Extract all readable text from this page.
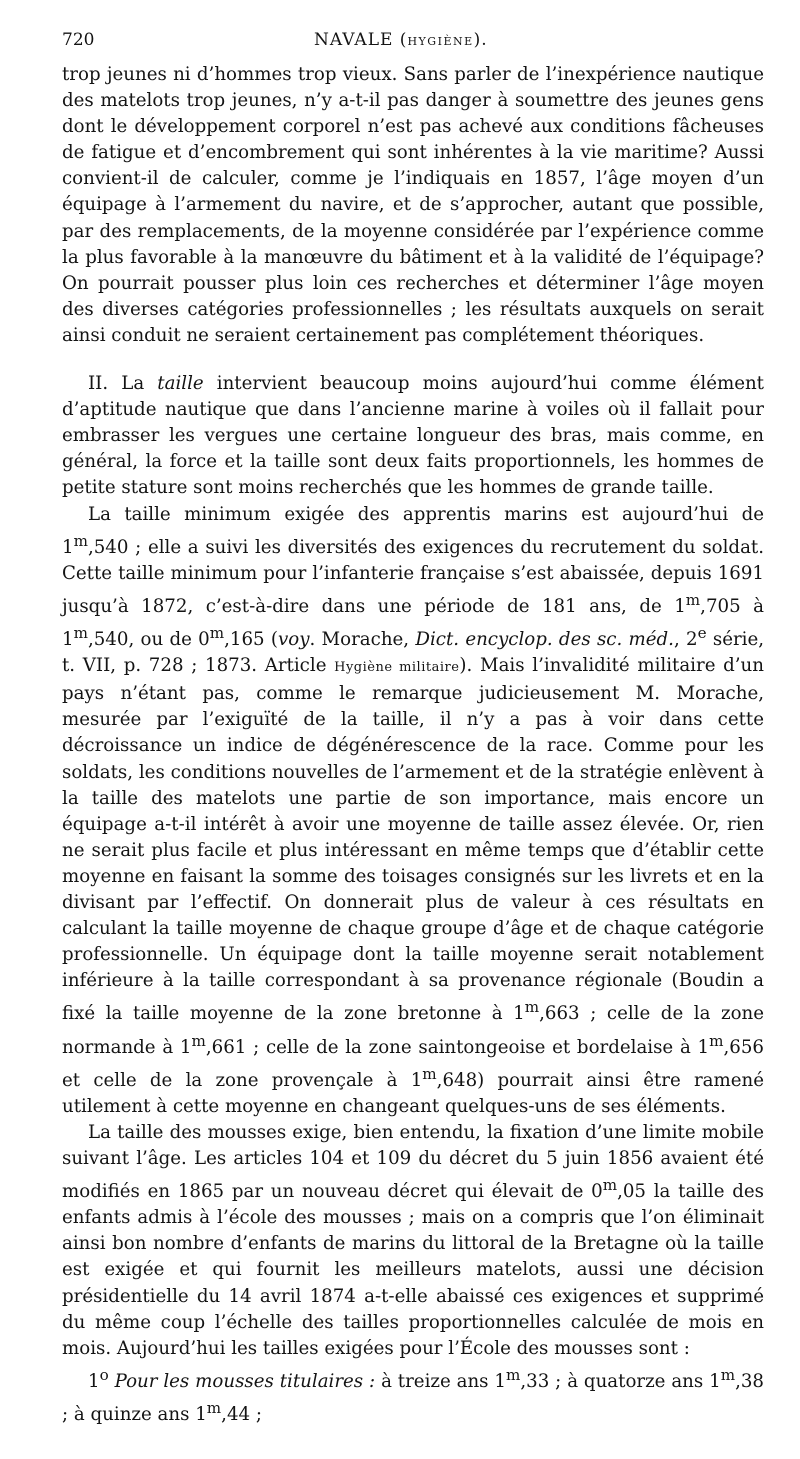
720	NAVALE (HYGIÈNE).

trop jeunes ni d’hommes trop vieux. Sans parler de l’inexpérience nautique des matelots trop jeunes, n’y a-t-il pas danger à soumettre des jeunes gens dont le développement corporel n’est pas achevé aux conditions fâcheuses de fatigue et d’encombrement qui sont inhérentes à la vie maritime? Aussi convient-il de calculer, comme je l’indiquais en 1857, l’âge moyen d’un équipage à l’armement du navire, et de s’approcher, autant que possible, par des remplacements, de la moyenne considérée par l’expérience comme la plus favorable à la manœuvre du bâtiment et à la validité de l’équipage? On pourrait pousser plus loin ces recherches et déterminer l’âge moyen des diverses catégories professionnelles ; les résultats auxquels on serait ainsi conduit ne seraient certainement pas complétement théoriques.

II. La taille intervient beaucoup moins aujourd’hui comme élément d’aptitude nautique que dans l’ancienne marine à voiles où il fallait pour embrasser les vergues une certaine longueur des bras, mais comme, en général, la force et la taille sont deux faits proportionnels, les hommes de petite stature sont moins recherchés que les hommes de grande taille.

La taille minimum exigée des apprentis marins est aujourd’hui de 1$^m$,540 ; elle a suivi les diversités des exigences du recrutement du soldat. Cette taille minimum pour l’infanterie française s’est abaissée, depuis 1691 jusqu’à 1872, c’est-à-dire dans une période de 181 ans, de 1$^m$,705 à 1$^m$,540, ou de 0$^m$,165 (voy. Morache, Dict. encyclop. des sc. méd., 2e série, t. VII, p. 728 ; 1873. Article Hygiène militaire). Mais l’invalidité militaire d’un pays n’étant pas, comme le remarque judicieusement M. Morache, mesurée par l’exiguïté de la taille, il n’y a pas à voir dans cette décroissance un indice de dégénérescence de la race. Comme pour les soldats, les conditions nouvelles de l’armement et de la stratégie enlèvent à la taille des matelots une partie de son importance, mais encore un équipage a-t-il intérêt à avoir une moyenne de taille assez élevée. Or, rien ne serait plus facile et plus intéressant en même temps que d’établir cette moyenne en faisant la somme des toisages consignés sur les livrets et en la divisant par l’effectif. On donnerait plus de valeur à ces résultats en calculant la taille moyenne de chaque groupe d’âge et de chaque catégorie professionnelle. Un équipage dont la taille moyenne serait notablement inférieure à la taille correspondant à sa provenance régionale (Boudin a fixé la taille moyenne de la zone bretonne à 1$^m$,663 ; celle de la zone normande à 1$^m$,661 ; celle de la zone saintongeoise et bordelaise à 1$^m$,656 et celle de la zone provençale à 1$^m$,648) pourrait ainsi être ramené utilement à cette moyenne en changeant quelques-uns de ses éléments.

La taille des mousses exige, bien entendu, la fixation d’une limite mobile suivant l’âge. Les articles 104 et 109 du décret du 5 juin 1856 avaient été modifiés en 1865 par un nouveau décret qui élevait de 0$^m$,05 la taille des enfants admis à l’école des mousses ; mais on a compris que l’on éliminait ainsi bon nombre d’enfants de marins du littoral de la Bretagne où la taille est exigée et qui fournit les meilleurs matelots, aussi une décision présidentielle du 14 avril 1874 a-t-elle abaissé ces exigences et supprimé du même coup l’échelle des tailles proportionnelles calculée de mois en mois. Aujourd’hui les tailles exigées pour l’École des mousses sont :

1$^o$ Pour les mousses titulaires : à treize ans 1$^m$,33 ; à quatorze ans 1$^m$,38 ; à quinze ans 1$^m$,44 ;
